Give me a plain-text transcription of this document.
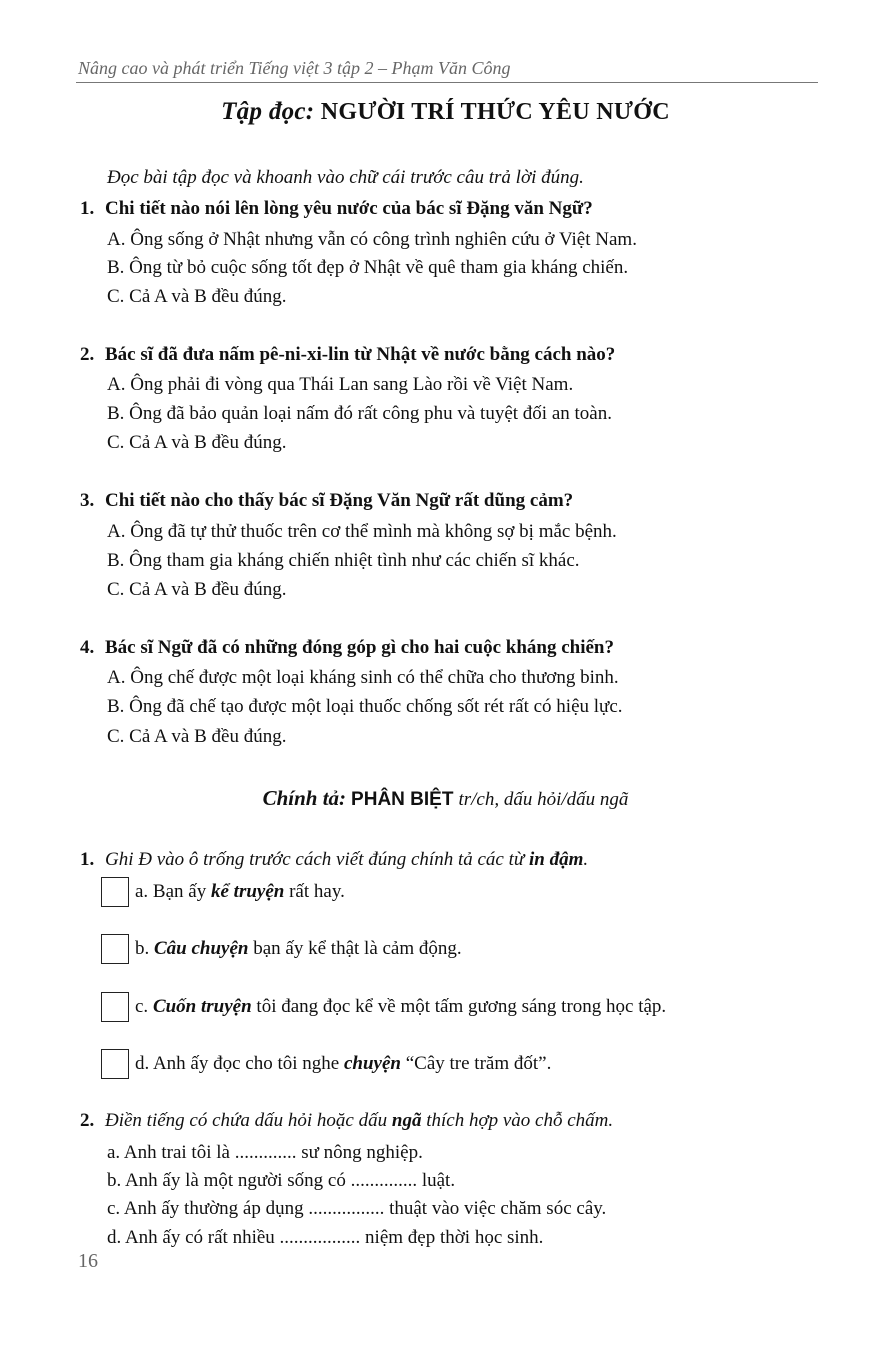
Nâng cao và phát triển Tiếng việt 3 tập 2 – Phạm Văn Công
Tập đọc: NGƯỜI TRÍ THỨC YÊU NƯỚC
Đọc bài tập đọc và khoanh vào chữ cái trước câu trả lời đúng.
1. Chi tiết nào nói lên lòng yêu nước của bác sĩ Đặng văn Ngữ?
A. Ông sống ở Nhật nhưng vẫn có công trình nghiên cứu ở Việt Nam.
B. Ông từ bỏ cuộc sống tốt đẹp ở Nhật về quê tham gia kháng chiến.
C. Cả A và B đều đúng.
2. Bác sĩ đã đưa nấm pê-ni-xi-lin từ Nhật về nước bằng cách nào?
A. Ông phải đi vòng qua Thái Lan sang Lào rồi về Việt Nam.
B. Ông đã bảo quản loại nấm đó rất công phu và tuyệt đối an toàn.
C. Cả A và B đều đúng.
3. Chi tiết nào cho thấy bác sĩ Đặng Văn Ngữ rất dũng cảm?
A. Ông đã tự thử thuốc trên cơ thể mình mà không sợ bị mắc bệnh.
B. Ông tham gia kháng chiến nhiệt tình như các chiến sĩ khác.
C. Cả A và B đều đúng.
4. Bác sĩ Ngữ đã có những đóng góp gì cho hai cuộc kháng chiến?
A. Ông chế được một loại kháng sinh có thể chữa cho thương binh.
B. Ông đã chế tạo được một loại thuốc chống sốt rét rất có hiệu lực.
C. Cả A và B đều đúng.
Chính tả: PHÂN BIỆT tr/ch, dấu hỏi/dấu ngã
1. Ghi Đ vào ô trống trước cách viết đúng chính tả các từ in đậm.
a. Bạn ấy kể truyện rất hay.
b. Câu chuyện bạn ấy kể thật là cảm động.
c. Cuốn truyện tôi đang đọc kể về một tấm gương sáng trong học tập.
d. Anh ấy đọc cho tôi nghe chuyện “Cây tre trăm đốt”.
2. Điền tiếng có chứa dấu hỏi hoặc dấu ngã thích hợp vào chỗ chấm.
a. Anh trai tôi là ............. sư nông nghiệp.
b. Anh ấy là một người sống có .............. luật.
c. Anh ấy thường áp dụng ................ thuật vào việc chăm sóc cây.
d. Anh ấy có rất nhiều ................. niệm đẹp thời học sinh.
16
